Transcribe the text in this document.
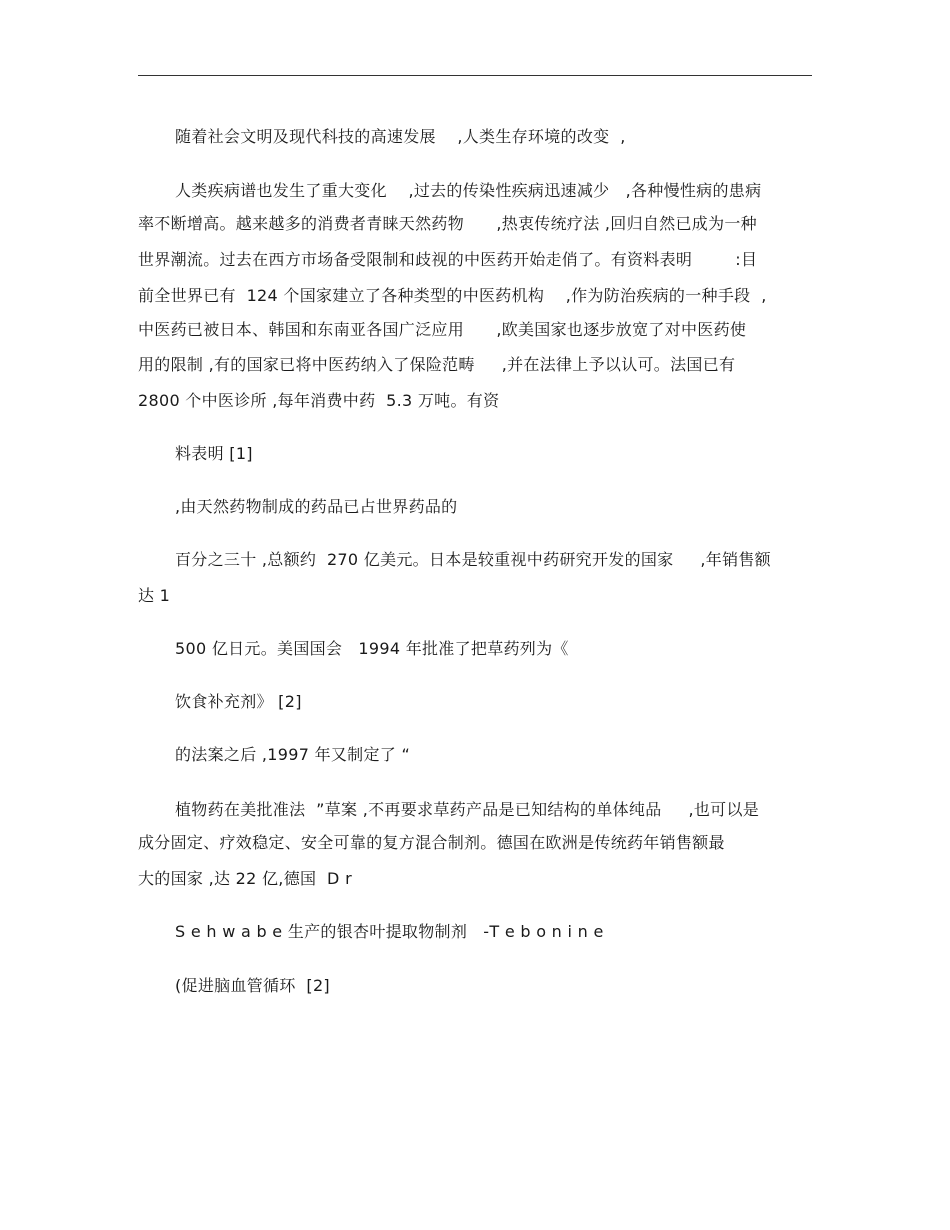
随着社会文明及现代科技的高速发展    ,人类生存环境的改变  ,
人类疾病谱也发生了重大变化    ,过去的传染性疾病迅速减少   ,各种慢性病的患病
率不断增高。越来越多的消费者青睐天然药物      ,热衷传统疗法 ,回归自然已成为一种
世界潮流。过去在西方市场备受限制和歧视的中医药开始走俏了。有资料表明        :目
前全世界已有  124 个国家建立了各种类型的中医药机构    ,作为防治疾病的一种手段  ,
中医药已被日本、韩国和东南亚各国广泛应用      ,欧美国家也逐步放宽了对中医药使
用的限制 ,有的国家已将中医药纳入了保险范畴     ,并在法律上予以认可。法国已有
2800 个中医诊所 ,每年消费中药  5.3 万吨。有资
料表明 [1]
,由天然药物制成的药品已占世界药品的
百分之三十 ,总额约  270 亿美元。日本是较重视中药研究开发的国家     ,年销售额
达 1
500 亿日元。美国国会   1994 年批准了把草药列为《
饮食补充剂》 [2]
的法案之后 ,1997 年又制定了 “
植物药在美批准法  ”草案 ,不再要求草药产品是已知结构的单体纯品     ,也可以是
成分固定、疗效稳定、安全可靠的复方混合制剂。德国在欧洲是传统药年销售额最
大的国家 ,达 22 亿,德国  D r
S e h w a b e 生产的银杏叶提取物制剂   -T e b o n i n e
(促进脑血管循环  [2]
